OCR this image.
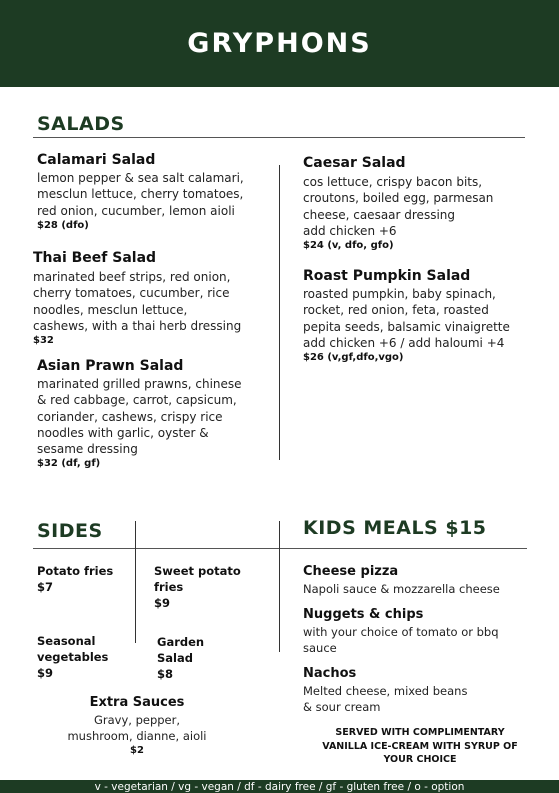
GRYPHONS
SALADS
Calamari Salad
lemon pepper & sea salt calamari,
mesclun lettuce, cherry tomatoes,
red onion, cucumber, lemon aioli
$28 (dfo)
Thai Beef Salad
marinated beef strips, red onion,
cherry tomatoes, cucumber, rice
noodles, mesclun lettuce,
cashews, with a thai herb dressing
$32
Asian Prawn Salad
marinated grilled prawns, chinese
& red cabbage, carrot, capsicum,
coriander, cashews, crispy rice
noodles with garlic, oyster &
sesame dressing
$32 (df, gf)
Caesar Salad
cos lettuce, crispy bacon bits,
croutons, boiled egg, parmesan
cheese, caesaar dressing
add chicken +6
$24 (v, dfo, gfo)
Roast Pumpkin Salad
roasted pumpkin, baby spinach,
rocket, red onion, feta, roasted
pepita seeds, balsamic vinaigrette
add chicken +6 / add haloumi +4
$26 (v,gf,dfo,vgo)
SIDES
Potato fries
$7
Sweet potato
fries
$9
Seasonal
vegetables
$9
Garden
Salad
$8
Extra Sauces
Gravy, pepper,
mushroom, dianne, aioli
$2
KIDS MEALS $15
Cheese pizza
Napoli sauce & mozzarella cheese
Nuggets & chips
with your choice of tomato or bbq
sauce
Nachos
Melted cheese, mixed beans
& sour cream
SERVED WITH COMPLIMENTARY
VANILLA ICE-CREAM WITH SYRUP OF
YOUR CHOICE
v - vegetarian / vg - vegan / df - dairy free / gf - gluten free / o - option
